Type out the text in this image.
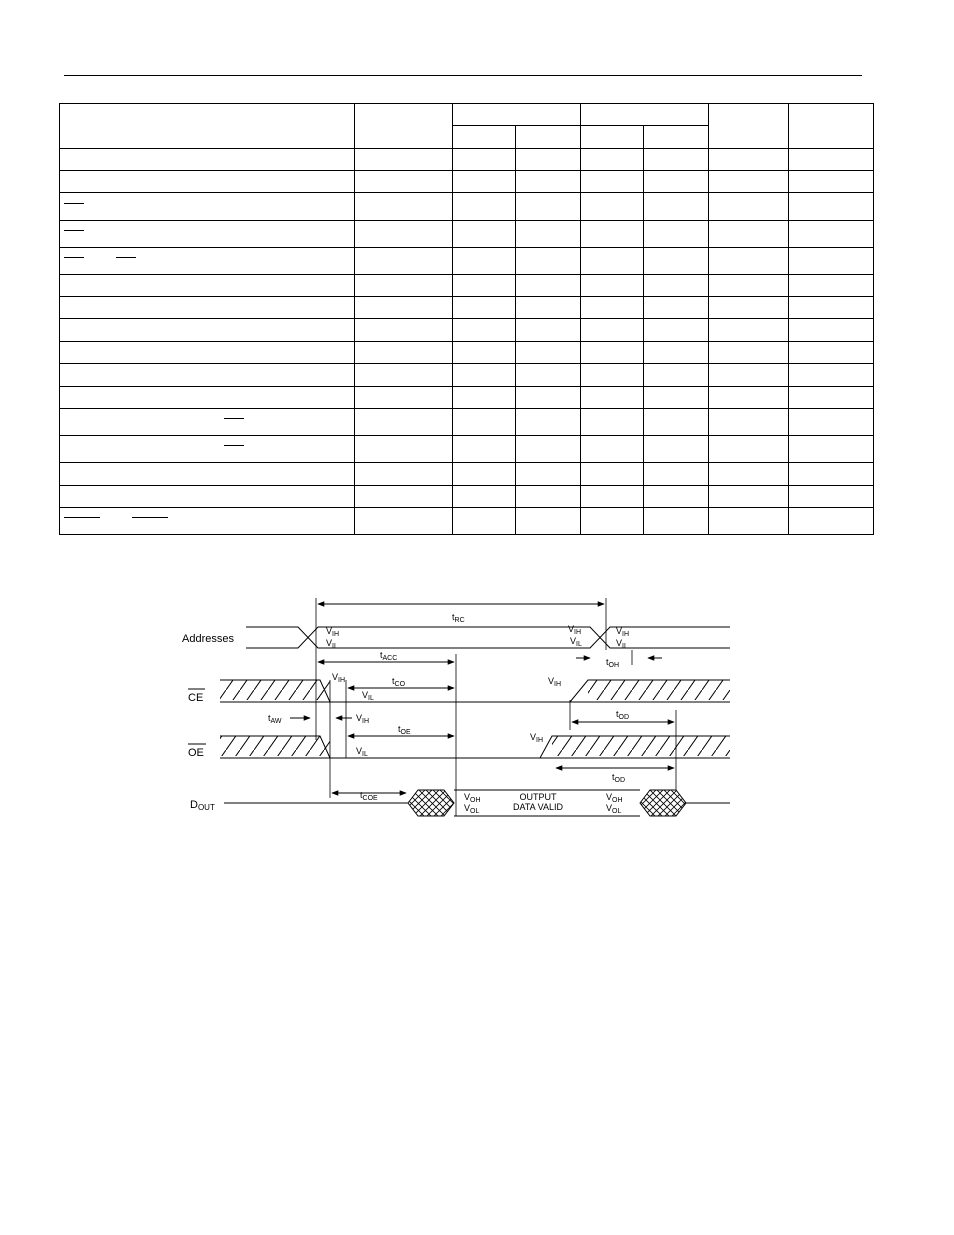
Addresses
CE
OE
DOUT
$t_{RC}$
$t_{ACC}$
$t_{CO}$
$t_{AW}$
$t_{OE}$
$t_{OD}$
$t_{OD}$
$t_{OH}$
$t_{COE}$
$V_{IH}$
$V_{IL}$
$V_{IH}$
$V_{IL}$
$V_{IH}$
$V_{IL}$
$V_{IH}$
$V_{IL}$
$V_{IH}$
$V_{IL}$
$V_{IH}$
$V_{IH}$
$V_{OH}$
$V_{OL}$
$V_{OH}$
$V_{OL}$
OUTPUT
DATA VALID
